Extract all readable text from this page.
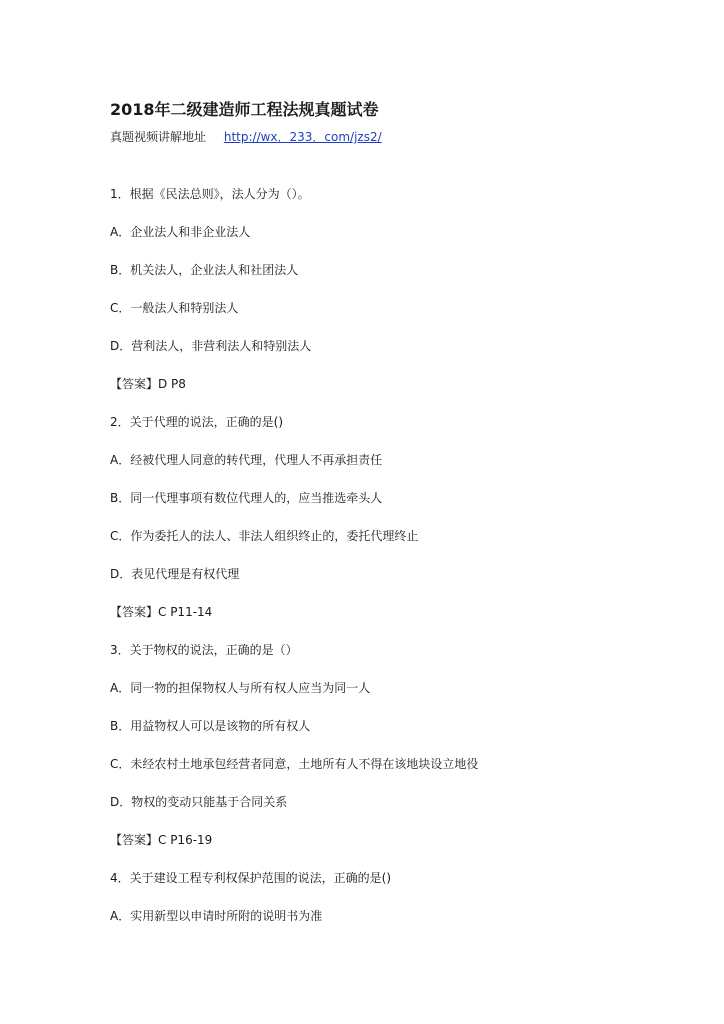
2018年二级建造师工程法规真题试卷
真题视频讲解地址 http://wx．233．com/jzs2/
1．根据《民法总则》，法人分为（）。
A．企业法人和非企业法人
B．机关法人，企业法人和社团法人
C．一般法人和特别法人
D．营利法人，非营利法人和特别法人
【答案】D P8
2．关于代理的说法，正确的是()
A．经被代理人同意的转代理，代理人不再承担责任
B．同一代理事项有数位代理人的，应当推选牵头人
C．作为委托人的法人、非法人组织终止的，委托代理终止
D．表见代理是有权代理
【答案】C P11-14
3．关于物权的说法，正确的是（）
A．同一物的担保物权人与所有权人应当为同一人
B．用益物权人可以是该物的所有权人
C．未经农村土地承包经营者同意，土地所有人不得在该地块设立地役
D．物权的变动只能基于合同关系
【答案】C P16-19
4．关于建设工程专利权保护范围的说法，正确的是()
A．实用新型以申请时所附的说明书为准
